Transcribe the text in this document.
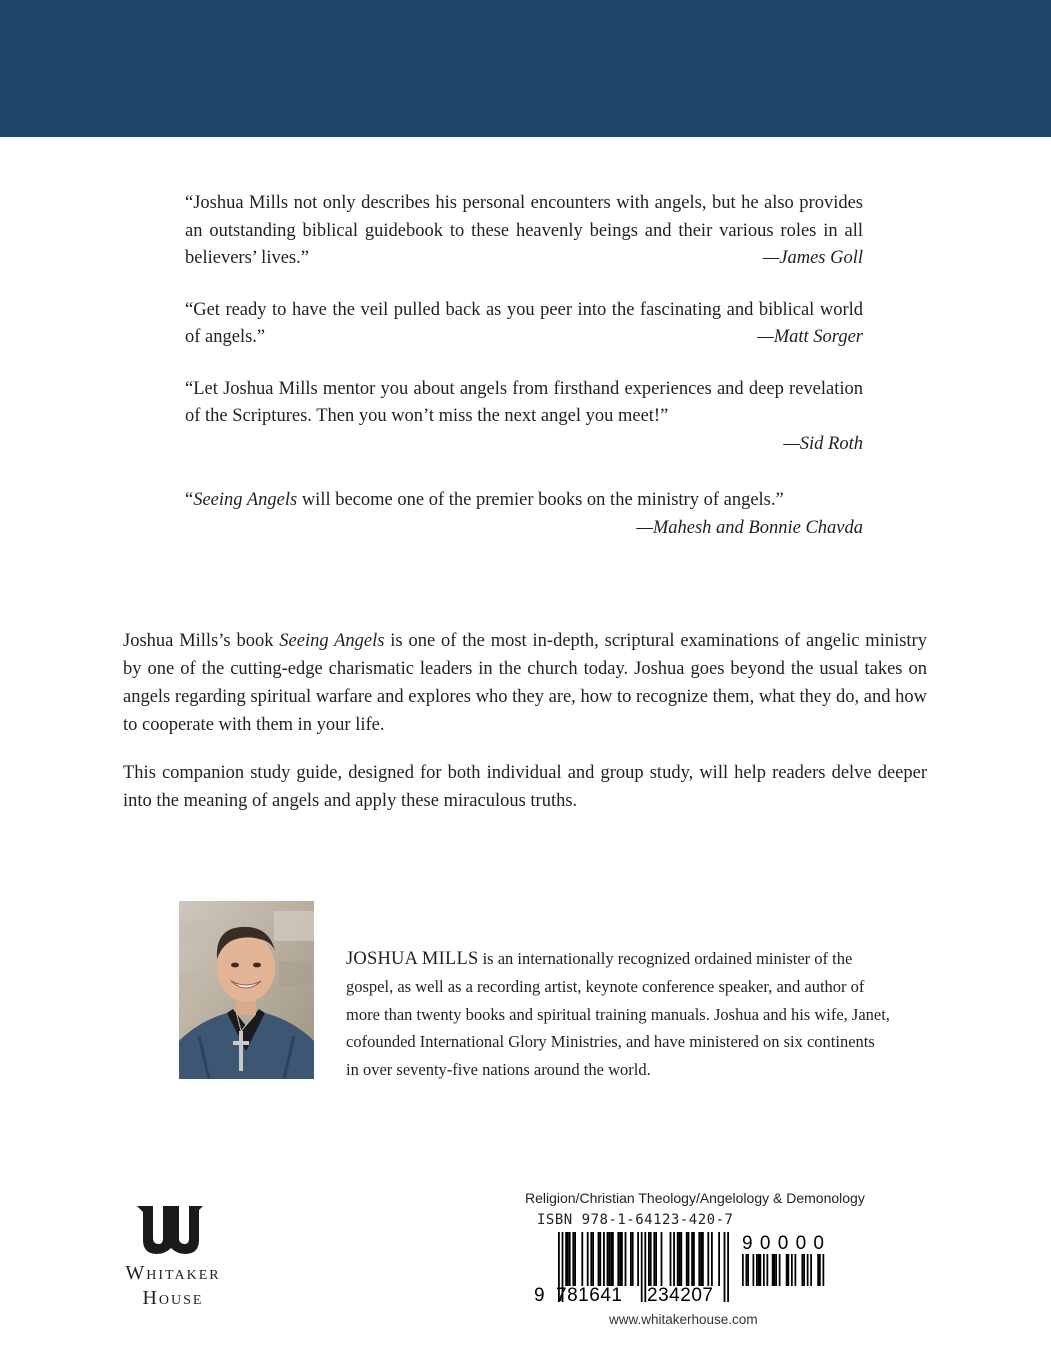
“Joshua Mills not only describes his personal encounters with angels, but he also provides an outstanding biblical guidebook to these heavenly beings and their various roles in all believers’ lives.”	—James Goll
“Get ready to have the veil pulled back as you peer into the fascinating and biblical world of angels.”	—Matt Sorger
“Let Joshua Mills mentor you about angels from firsthand experiences and deep revelation of the Scriptures. Then you won’t miss the next angel you meet!”
—Sid Roth
“Seeing Angels will become one of the premier books on the ministry of angels.”
—Mahesh and Bonnie Chavda

Joshua Mills’s book Seeing Angels is one of the most in-depth, scriptural examinations of angelic ministry by one of the cutting-edge charismatic leaders in the church today. Joshua goes beyond the usual takes on angels regarding spiritual warfare and explores who they are, how to recognize them, what they do, and how to cooperate with them in your life.

This companion study guide, designed for both individual and group study, will help readers delve deeper into the meaning of angels and apply these miraculous truths.

JOSHUA MILLS is an internationally recognized ordained minister of the gospel, as well as a recording artist, keynote conference speaker, and author of more than twenty books and spiritual training manuals. Joshua and his wife, Janet, cofounded International Glory Ministries, and have ministered on six continents in over seventy-five nations around the world.
Whitaker
House
Religion/Christian Theology/Angelology & Demonology
ISBN 978-1-64123-420-7
9 781641 234207
90000
www.whitakerhouse.com
